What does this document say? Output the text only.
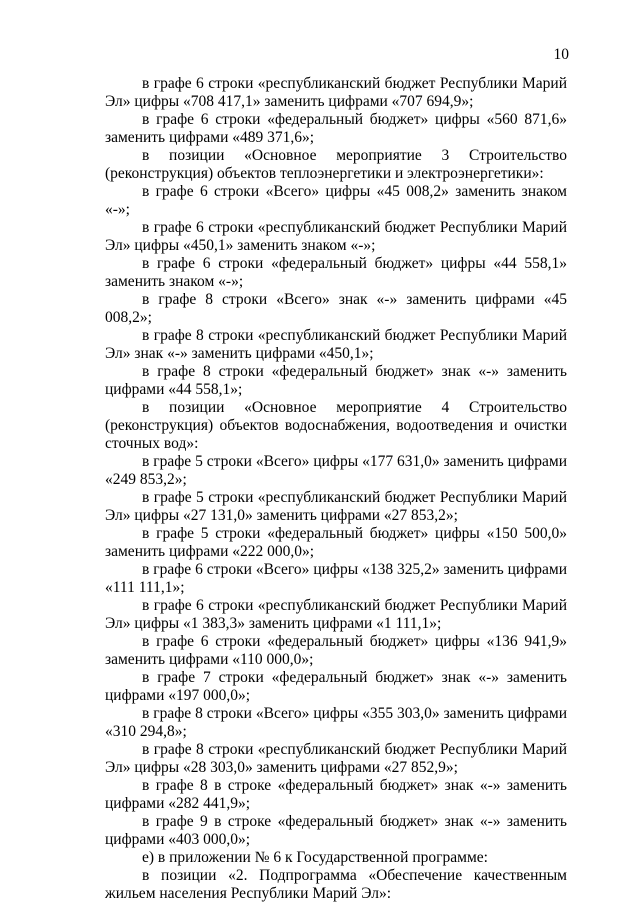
10

в графе 6 строки «республиканский бюджет Республики Марий Эл» цифры «708 417,1» заменить цифрами «707 694,9»;

в графе 6 строки «федеральный бюджет» цифры «560 871,6» заменить цифрами «489 371,6»;

в позиции «Основное мероприятие 3 Строительство (реконструкция) объектов теплоэнергетики и электроэнергетики»:

в графе 6 строки «Всего» цифры «45 008,2» заменить знаком «-»;

в графе 6 строки «республиканский бюджет Республики Марий Эл» цифры «450,1» заменить знаком «-»;

в графе 6 строки «федеральный бюджет» цифры «44 558,1» заменить знаком «-»;

в графе 8 строки «Всего» знак «-» заменить цифрами «45 008,2»;

в графе 8 строки «республиканский бюджет Республики Марий Эл» знак «-» заменить цифрами «450,1»;

в графе 8 строки «федеральный бюджет» знак «-» заменить цифрами «44 558,1»;

в позиции «Основное мероприятие 4 Строительство (реконструкция) объектов водоснабжения, водоотведения и очистки сточных вод»:

в графе 5 строки «Всего» цифры «177 631,0» заменить цифрами «249 853,2»;

в графе 5 строки «республиканский бюджет Республики Марий Эл» цифры «27 131,0» заменить цифрами «27 853,2»;

в графе 5 строки «федеральный бюджет» цифры «150 500,0» заменить цифрами «222 000,0»;

в графе 6 строки «Всего» цифры «138 325,2» заменить цифрами «111 111,1»;

в графе 6 строки «республиканский бюджет Республики Марий Эл» цифры «1 383,3» заменить цифрами «1 111,1»;

в графе 6 строки «федеральный бюджет» цифры «136 941,9» заменить цифрами «110 000,0»;

в графе 7 строки «федеральный бюджет» знак «-» заменить цифрами «197 000,0»;

в графе 8 строки «Всего» цифры «355 303,0» заменить цифрами «310 294,8»;

в графе 8 строки «республиканский бюджет Республики Марий Эл» цифры «28 303,0» заменить цифрами «27 852,9»;

в графе 8 в строке «федеральный бюджет» знак «-» заменить цифрами «282 441,9»;

в графе 9 в строке «федеральный бюджет» знак «-» заменить цифрами «403 000,0»;

е) в приложении № 6 к Государственной программе:

в позиции «2. Подпрограмма «Обеспечение качественным жильем населения Республики Марий Эл»:
